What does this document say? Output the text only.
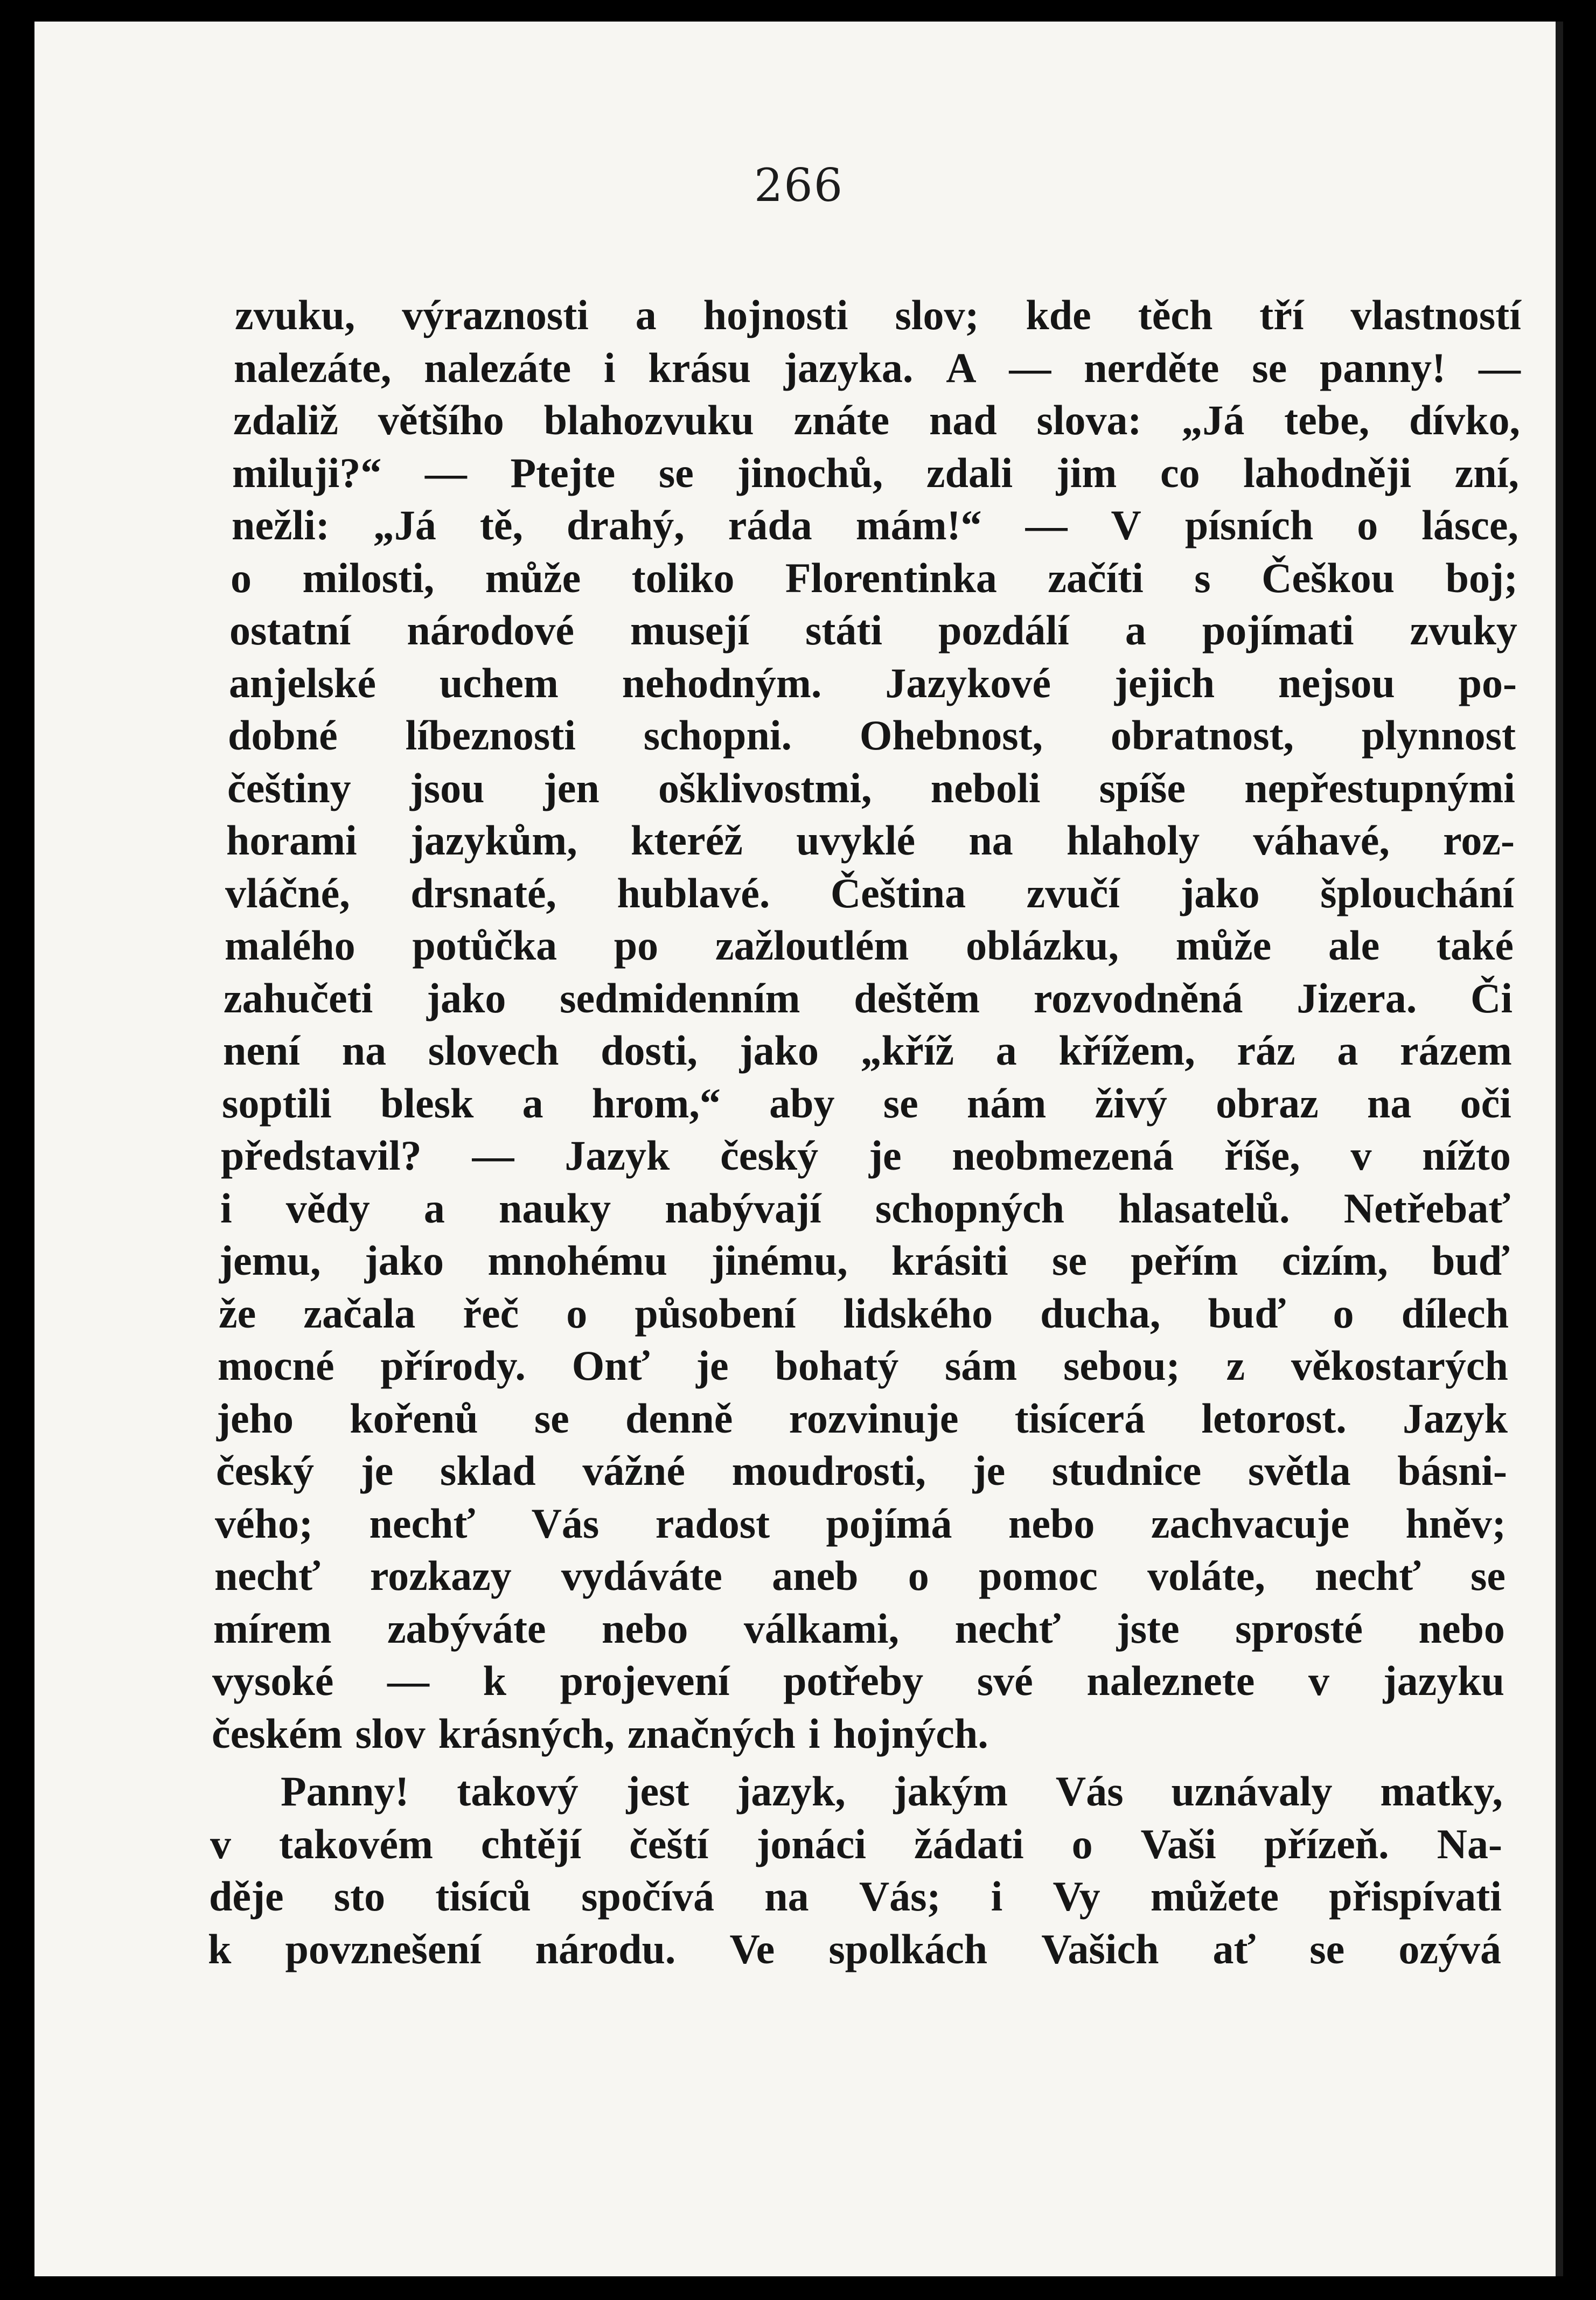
266
zvuku, výraznosti a hojnosti slov; kde těch tří vlastností
nalezáte, nalezáte i krásu jazyka. A — nerděte se panny! —
zdaliž většího blahozvuku znáte nad slova: „Já tebe, dívko,
miluji?“ — Ptejte se jinochů, zdali jim co lahodněji zní,
nežli: „Já tě, drahý, ráda mám!“ — V písních o lásce,
o milosti, může toliko Florentinka začíti s Češkou boj;
ostatní národové musejí státi pozdálí a pojímati zvuky
anjelské uchem nehodným. Jazykové jejich nejsou po-
dobné líbeznosti schopni. Ohebnost, obratnost, plynnost
češtiny jsou jen ošklivostmi, neboli spíše nepřestupnými
horami jazykům, kteréž uvyklé na hlaholy váhavé, roz-
vláčné, drsnaté, hublavé. Čeština zvučí jako šplouchání
malého potůčka po zažloutlém oblázku, může ale také
zahučeti jako sedmidenním deštěm rozvodněná Jizera. Či
není na slovech dosti, jako „kříž a křížem, ráz a rázem
soptili blesk a hrom,“ aby se nám živý obraz na oči
představil? — Jazyk český je neobmezená říše, v nížto
i vědy a nauky nabývají schopných hlasatelů. Netřebať
jemu, jako mnohému jinému, krásiti se peřím cizím, buď
že začala řeč o působení lidského ducha, buď o dílech
mocné přírody. Onť je bohatý sám sebou; z věkostarých
jeho kořenů se denně rozvinuje tisícerá letorost. Jazyk
český je sklad vážné moudrosti, je studnice světla básni-
vého; nechť Vás radost pojímá nebo zachvacuje hněv;
nechť rozkazy vydáváte aneb o pomoc voláte, nechť se
mírem zabýváte nebo válkami, nechť jste sprosté nebo
vysoké — k projevení potřeby své naleznete v jazyku
českém slov krásných, značných i hojných.
Panny! takový jest jazyk, jakým Vás uznávaly matky,
v takovém chtějí čeští jonáci žádati o Vaši přízeň. Na-
děje sto tisíců spočívá na Vás; i Vy můžete přispívati
k povznešení národu. Ve spolkách Vašich ať se ozývá
